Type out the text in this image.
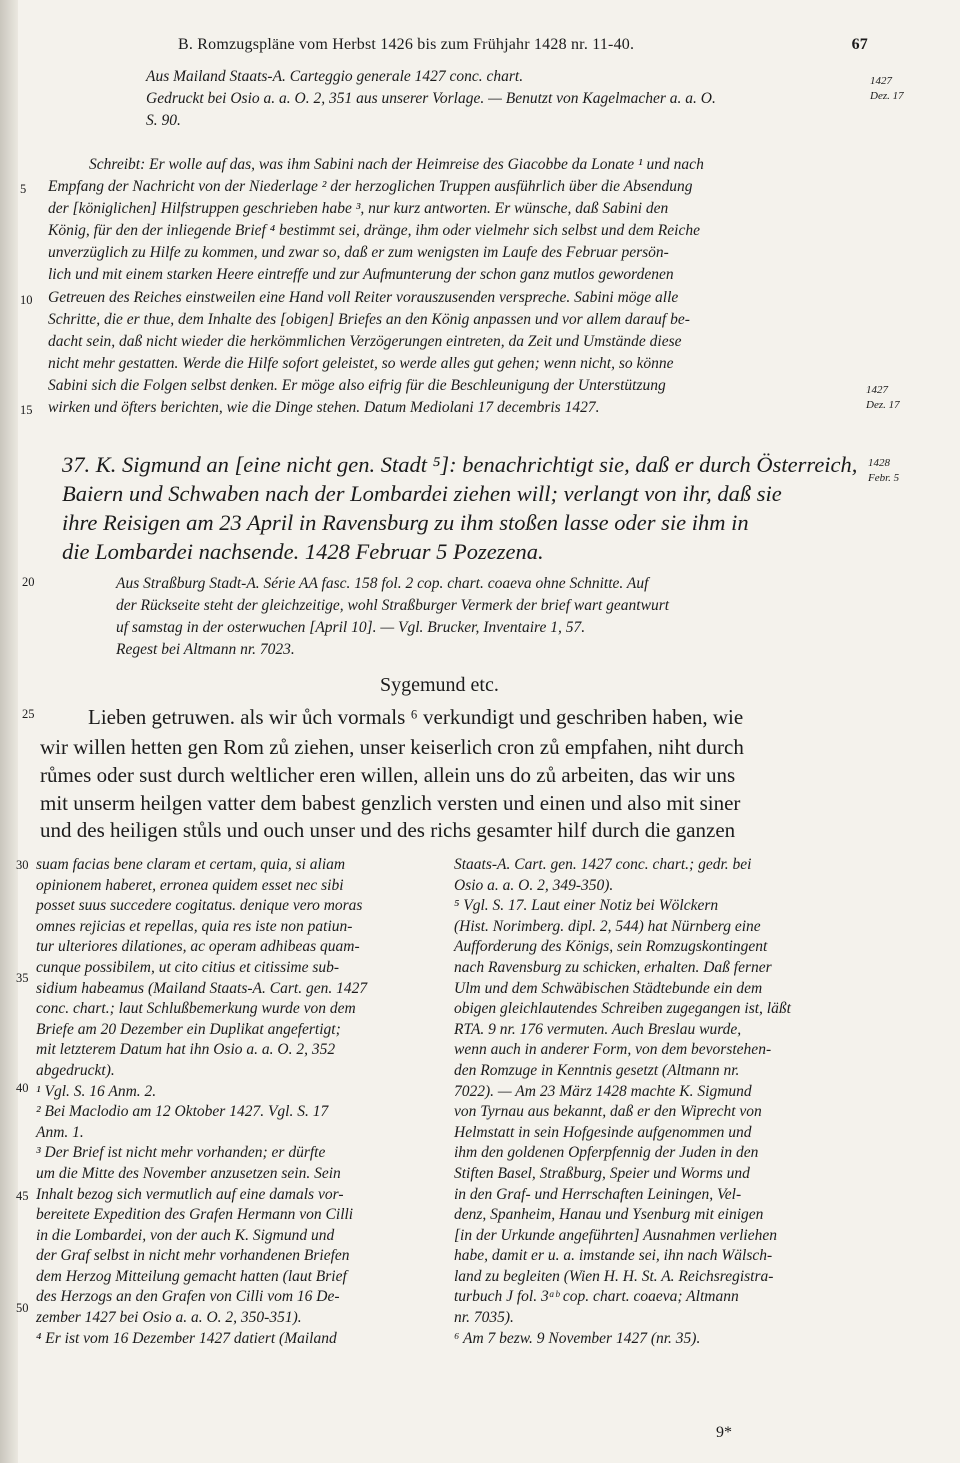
B. Romzugspläne vom Herbst 1426 bis zum Frühjahr 1428 nr. 11-40.	67
Aus Mailand Staats-A. Carteggio generale 1427 conc. chart.
Gedruckt bei Osio a. a. O. 2, 351 aus unserer Vorlage. — Benutzt von Kagelmacher a. a. O.
S. 90.
1427
Dez. 17
Schreibt: Er wolle auf das, was ihm Sabini nach der Heimreise des Giacobbe da Lonate ¹ und nach
Empfang der Nachricht von der Niederlage ² der herzoglichen Truppen ausführlich über die Absendung
der [königlichen] Hilfstruppen geschrieben habe ³, nur kurz antworten. Er wünsche, daß Sabini den
König, für den der inliegende Brief ⁴ bestimmt sei, dränge, ihm oder vielmehr sich selbst und dem Reiche
unverzüglich zu Hilfe zu kommen, und zwar so, daß er zum wenigsten im Laufe des Februar persön-
lich und mit einem starken Heere eintreffe und zur Aufmunterung der schon ganz mutlos gewordenen
Getreuen des Reiches einstweilen eine Hand voll Reiter vorauszusenden verspreche. Sabini möge alle
Schritte, die er thue, dem Inhalte des [obigen] Briefes an den König anpassen und vor allem darauf be-
dacht sein, daß nicht wieder die herkömmlichen Verzögerungen eintreten, da Zeit und Umstände diese
nicht mehr gestatten. Werde die Hilfe sofort geleistet, so werde alles gut gehen; wenn nicht, so könne
Sabini sich die Folgen selbst denken. Er möge also eifrig für die Beschleunigung der Unterstützung
wirken und öfters berichten, wie die Dinge stehen. Datum Mediolani 17 decembris 1427.
1427
Dez. 17
37. K. Sigmund an [eine nicht gen. Stadt ⁵]: benachrichtigt sie, daß er durch Österreich,
Baiern und Schwaben nach der Lombardei ziehen will; verlangt von ihr, daß sie
ihre Reisigen am 23 April in Ravensburg zu ihm stoßen lasse oder sie ihm in
die Lombardei nachsende. 1428 Februar 5 Pozezena.
1428
Febr. 5
Aus Straßburg Stadt-A. Série AA fasc. 158 fol. 2 cop. chart. coaeva ohne Schnitte. Auf
der Rückseite steht der gleichzeitige, wohl Straßburger Vermerk der brief wart geantwurt
uf samstag in der osterwuchen [April 10]. — Vgl. Brucker, Inventaire 1, 57.
Regest bei Altmann nr. 7023.
Sygemund etc.
Lieben getruwen. als wir ůch vormals ⁶ verkundigt und geschriben haben, wie
wir willen hetten gen Rom zů ziehen, unser keiserlich cron zů empfahen, niht durch
růmes oder sust durch weltlicher eren willen, allein uns do zů arbeiten, das wir uns
mit unserm heilgen vatter dem babest genzlich versten und einen und also mit siner
und des heiligen stůls und ouch unser und des richs gesamter hilf durch die ganzen
5
10
15
20
25
30
35
40
45
50
suam facias bene claram et certam, quia, si aliam
opinionem haberet, erronea quidem esset nec sibi
posset suus succedere cogitatus. denique vero moras
omnes rejicias et repellas, quia res iste non patiun-
tur ulteriores dilationes, ac operam adhibeas quam-
cunque possibilem, ut cito citius et citissime sub-
sidium habeamus (Mailand Staats-A. Cart. gen. 1427
conc. chart.; laut Schlußbemerkung wurde von dem
Briefe am 20 Dezember ein Duplikat angefertigt;
mit letzterem Datum hat ihn Osio a. a. O. 2, 352
abgedruckt).
¹ Vgl. S. 16 Anm. 2.
² Bei Maclodio am 12 Oktober 1427. Vgl. S. 17
Anm. 1.
³ Der Brief ist nicht mehr vorhanden; er dürfte
um die Mitte des November anzusetzen sein. Sein
Inhalt bezog sich vermutlich auf eine damals vor-
bereitete Expedition des Grafen Hermann von Cilli
in die Lombardei, von der auch K. Sigmund und
der Graf selbst in nicht mehr vorhandenen Briefen
dem Herzog Mitteilung gemacht hatten (laut Brief
des Herzogs an den Grafen von Cilli vom 16 De-
zember 1427 bei Osio a. a. O. 2, 350-351).
⁴ Er ist vom 16 Dezember 1427 datiert (Mailand
Staats-A. Cart. gen. 1427 conc. chart.; gedr. bei
Osio a. a. O. 2, 349-350).
⁵ Vgl. S. 17. Laut einer Notiz bei Wölckern
(Hist. Norimberg. dipl. 2, 544) hat Nürnberg eine
Aufforderung des Königs, sein Romzugskontingent
nach Ravensburg zu schicken, erhalten. Daß ferner
Ulm und dem Schwäbischen Städtebunde ein dem
obigen gleichlautendes Schreiben zugegangen ist, läßt
RTA. 9 nr. 176 vermuten. Auch Breslau wurde,
wenn auch in anderer Form, von dem bevorstehen-
den Romzuge in Kenntnis gesetzt (Altmann nr.
7022). — Am 23 März 1428 machte K. Sigmund
von Tyrnau aus bekannt, daß er den Wiprecht von
Helmstatt in sein Hofgesinde aufgenommen und
ihm den goldenen Opferpfennig der Juden in den
Stiften Basel, Straßburg, Speier und Worms und
in den Graf- und Herrschaften Leiningen, Vel-
denz, Spanheim, Hanau und Ysenburg mit einigen
[in der Urkunde angeführten] Ausnahmen verliehen
habe, damit er u. a. imstande sei, ihn nach Wälsch-
land zu begleiten (Wien H. H. St. A. Reichsregistra-
turbuch J fol. 3ᵃᵇ cop. chart. coaeva; Altmann
nr. 7035).
⁶ Am 7 bezw. 9 November 1427 (nr. 35).
9*
